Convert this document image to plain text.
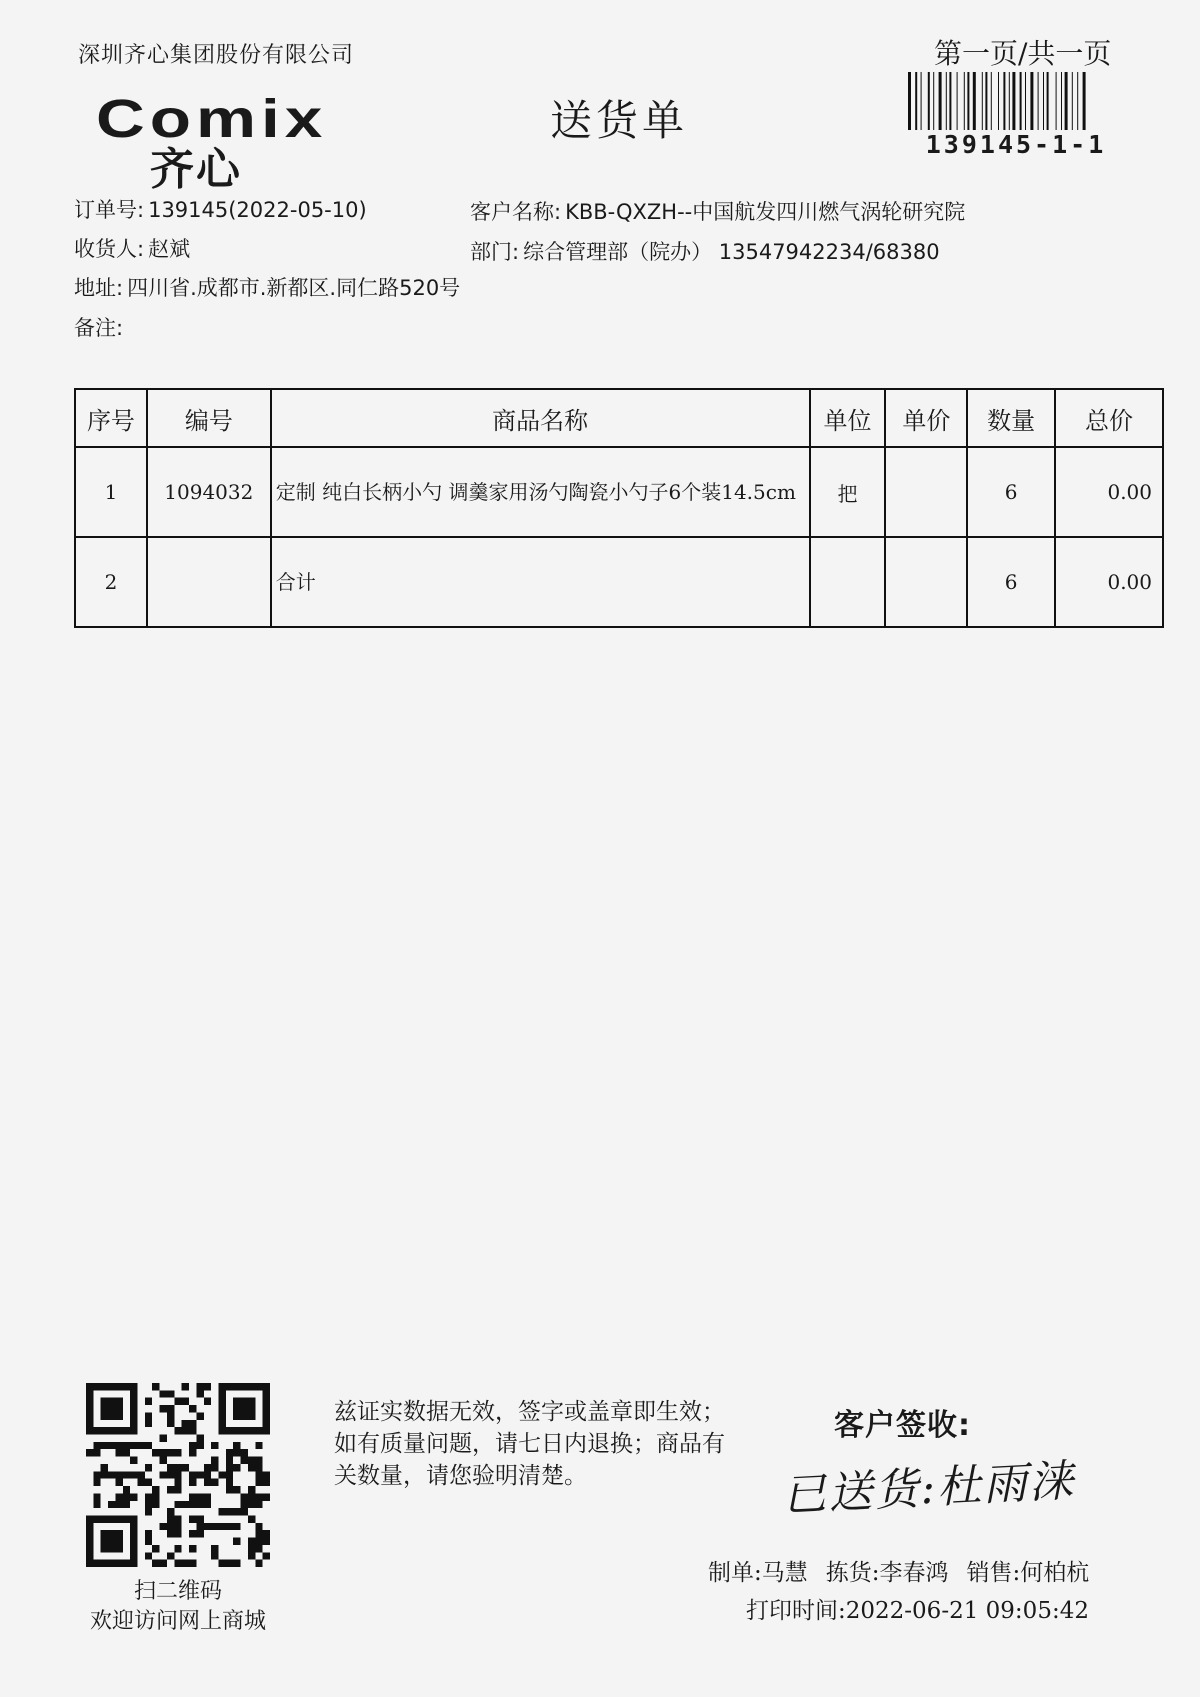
深圳齐心集团股份有限公司	第一页/共一页
Comix
齐心
送货单	139145-1-1
订单号: 139145(2022-05-10)
收货人: 赵斌
地址: 四川省.成都市.新都区.同仁路520号
备注:
客户名称: KBB-QXZH--中国航发四川燃气涡轮研究院
部门: 综合管理部（院办） 13547942234/68380
序号	编号	商品名称	单位	单价	数量	总价
1	1094032	定制 纯白长柄小勺 调羹家用汤勺陶瓷小勺子6个装14.5cm	把		6	0.00
2		合计			6	0.00
扫二维码
欢迎访问网上商城
兹证实数据无效，签字或盖章即生效；如有质量问题，请七日内退换；商品有关数量，请您验明清楚。
客户签收:
已送货:杜雨涞
制单:马慧 拣货:李春鸿 销售:何柏杭
打印时间:2022-06-21 09:05:42
